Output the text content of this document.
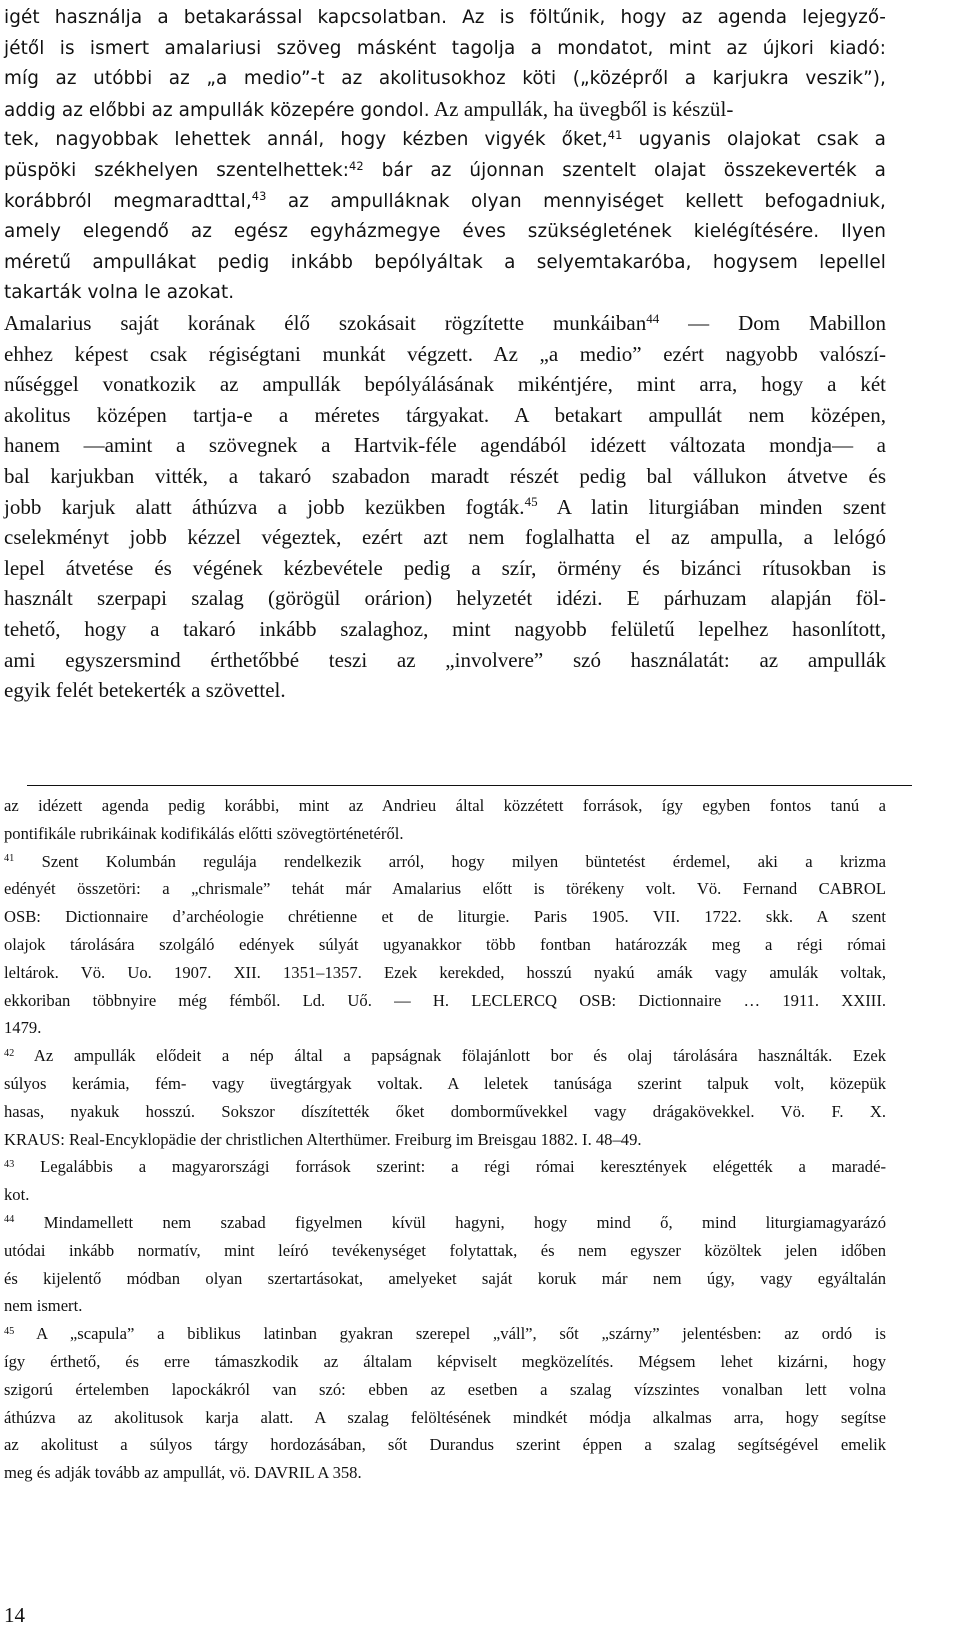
igét használja a betakarással kapcsolatban. Az is föltűnik, hogy az agenda lejegyző-
jétől is ismert amalariusi szöveg másként tagolja a mondatot, mint az újkori kiadó:
míg az utóbbi az „a medio”-t az akolitusokhoz köti („középről a karjukra veszik”),
addig az előbbi az ampullák közepére gondol. Az ampullák, ha üvegből is készül-
tek, nagyobbak lehettek annál, hogy kézben vigyék őket,$^{41}$ ugyanis olajokat csak a
püspöki székhelyen szentelhettek:$^{42}$ bár az újonnan szentelt olajat összekeverték a
korábbról megmaradttal,$^{43}$ az ampulláknak olyan mennyiséget kellett befogadniuk,
amely elegendő az egész egyházmegye éves szükségletének kielégítésére. Ilyen
méretű ampullákat pedig inkább bepólyáltak a selyemtakaróba, hogysem lepellel
takarták volna le azokat.
Amalarius saját korának élő szokásait rögzítette munkáiban$^{44}$ — Dom Mabillon
ehhez képest csak régiségtani munkát végzett. Az „a medio” ezért nagyobb valószí-
nűséggel vonatkozik az ampullák bepólyálásának mikéntjére, mint arra, hogy a két
akolitus középen tartja-e a méretes tárgyakat. A betakart ampullát nem középen,
hanem —amint a szövegnek a Hartvik-féle agendából idézett változata mondja— a
bal karjukban vitték, a takaró szabadon maradt részét pedig bal vállukon átvetve és
jobb karjuk alatt áthúzva a jobb kezükben fogták.$^{45}$ A latin liturgiában minden szent
cselekményt jobb kézzel végeztek, ezért azt nem foglalhatta el az ampulla, a lelógó
lepel átvetése és végének kézbevétele pedig a szír, örmény és bizánci rítusokban is
használt szerpapi szalag (görögül orárion) helyzetét idézi. E párhuzam alapján föl-
tehető, hogy a takaró inkább szalaghoz, mint nagyobb felületű lepelhez hasonlított,
ami egyszersmind érthetőbbé teszi az „involvere” szó használatát: az ampullák
egyik felét betekerték a szövettel.
az idézett agenda pedig korábbi, mint az Andrieu által közzétett források, így egyben fontos tanú a
pontifikále rubrikáinak kodifikálás előtti szövegtörténetéről.
$^{41}$ Szent Kolumbán regulája rendelkezik arról, hogy milyen büntetést érdemel, aki a krizma
edényét összetöri: a „chrismale” tehát már Amalarius előtt is törékeny volt. Vö. Fernand CABROL
OSB: Dictionnaire d’archéologie chrétienne et de liturgie. Paris 1905. VII. 1722. skk. A szent
olajok tárolására szolgáló edények súlyát ugyanakkor több fontban határozzák meg a régi római
leltárok. Vö. Uo. 1907. XII. 1351–1357. Ezek kerekded, hosszú nyakú amák vagy amulák voltak,
ekkoriban többnyire még fémből. Ld. Uő. — H. LECLERCQ OSB: Dictionnaire … 1911. XXIII.
1479.
$^{42}$ Az ampullák elődeit a nép által a papságnak fölajánlott bor és olaj tárolására használták. Ezek
súlyos kerámia, fém- vagy üvegtárgyak voltak. A leletek tanúsága szerint talpuk volt, közepük
hasas, nyakuk hosszú. Sokszor díszítették őket domborművekkel vagy drágakövekkel. Vö. F. X.
KRAUS: Real-Encyklopädie der christlichen Alterthümer. Freiburg im Breisgau 1882. I. 48–49.
$^{43}$ Legalábbis a magyarországi források szerint: a régi római keresztények elégették a maradé-
kot.
$^{44}$ Mindamellett nem szabad figyelmen kívül hagyni, hogy mind ő, mind liturgiamagyarázó
utódai inkább normatív, mint leíró tevékenységet folytattak, és nem egyszer közöltek jelen időben
és kijelentő módban olyan szertartásokat, amelyeket saját koruk már nem úgy, vagy egyáltalán
nem ismert.
$^{45}$ A „scapula” a biblikus latinban gyakran szerepel „váll”, sőt „szárny” jelentésben: az ordó is
így érthető, és erre támaszkodik az általam képviselt megközelítés. Mégsem lehet kizárni, hogy
szigorú értelemben lapockákról van szó: ebben az esetben a szalag vízszintes vonalban lett volna
áthúzva az akolitusok karja alatt. A szalag felöltésének mindkét módja alkalmas arra, hogy segítse
az akolitust a súlyos tárgy hordozásában, sőt Durandus szerint éppen a szalag segítségével emelik
meg és adják tovább az ampullát, vö. DAVRIL A 358.
14
